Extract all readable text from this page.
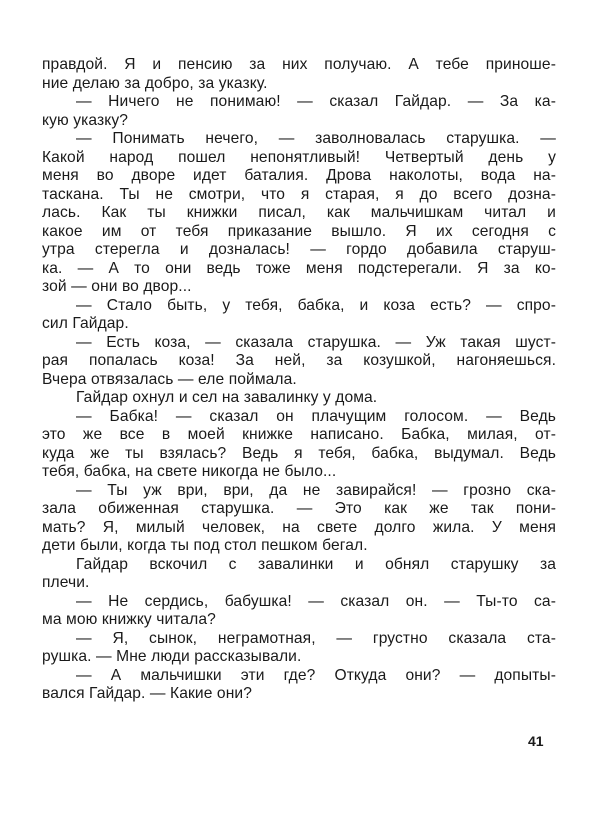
правдой. Я и пенсию за них получаю. А тебе приноше-
ние делаю за добро, за указку.
— Ничего не понимаю! — сказал Гайдар. — За ка-
кую указку?
— Понимать нечего, — заволновалась старушка. —
Какой народ пошел непонятливый! Четвертый день у
меня во дворе идет баталия. Дрова наколоты, вода на-
таскана. Ты не смотри, что я старая, я до всего дозна-
лась. Как ты книжки писал, как мальчишкам читал и
какое им от тебя приказание вышло. Я их сегодня с
утра стерегла и дозналась! — гордо добавила старуш-
ка. — А то они ведь тоже меня подстерегали. Я за ко-
зой — они во двор...
— Стало быть, у тебя, бабка, и коза есть? — спро-
сил Гайдар.
— Есть коза, — сказала старушка. — Уж такая шуст-
рая попалась коза! За ней, за козушкой, нагоняешься.
Вчера отвязалась — еле поймала.
Гайдар охнул и сел на завалинку у дома.
— Бабка! — сказал он плачущим голосом. — Ведь
это же все в моей книжке написано. Бабка, милая, от-
куда же ты взялась? Ведь я тебя, бабка, выдумал. Ведь
тебя, бабка, на свете никогда не было...
— Ты уж ври, ври, да не завирайся! — грозно ска-
зала обиженная старушка. — Это как же так пони-
мать? Я, милый человек, на свете долго жила. У меня
дети были, когда ты под стол пешком бегал.
Гайдар вскочил с завалинки и обнял старушку за
плечи.
— Не сердись, бабушка! — сказал он. — Ты-то са-
ма мою книжку читала?
— Я, сынок, неграмотная, — грустно сказала ста-
рушка. — Мне люди рассказывали.
— А мальчишки эти где? Откуда они? — допыты-
вался Гайдар. — Какие они?
41
